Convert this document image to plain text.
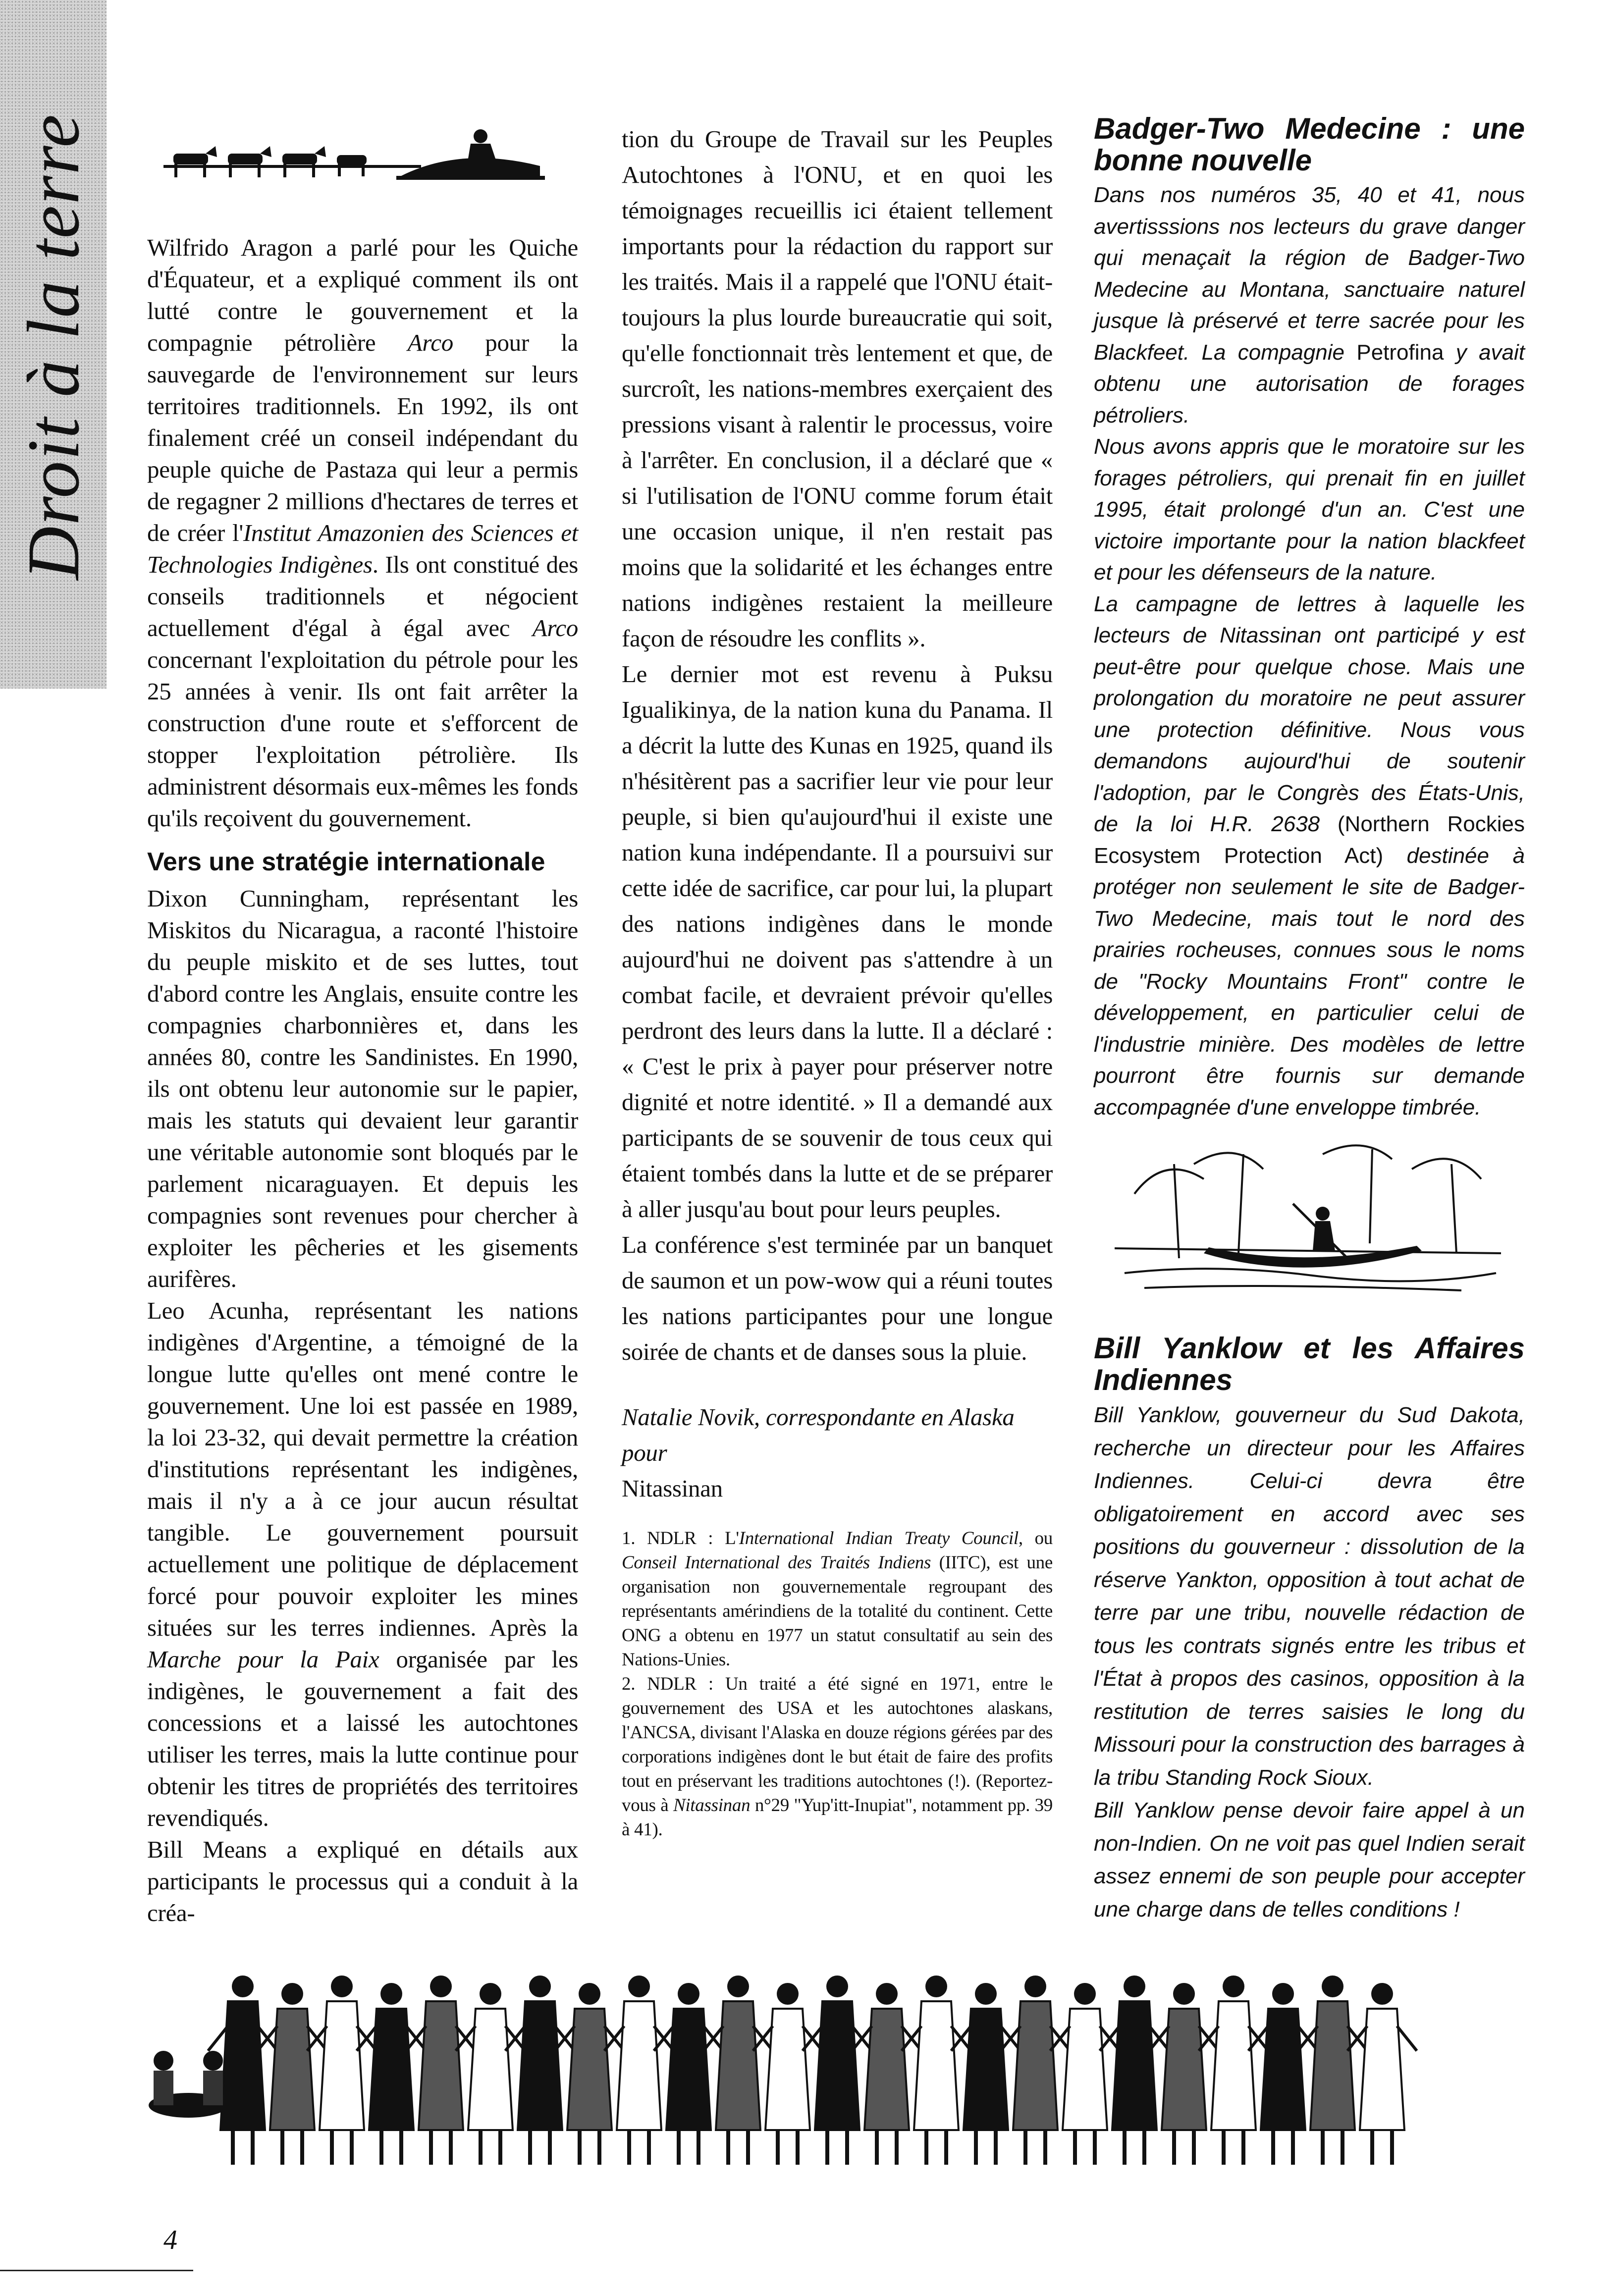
Droit à la terre Wilfrido Aragon a parlé pour les Quiche d'Équateur, et a expliqué comment ils ont lutté contre le gouvernement et la compagnie pétrolière Arco pour la sauvegarde de l'environnement sur leurs territoires traditionnels. En 1992, ils ont finalement créé un conseil indépendant du peuple quiche de Pastaza qui leur a permis de regagner 2 millions d'hectares de terres et de créer l'Institut Amazonien des Sciences et Technologies Indigènes. Ils ont constitué des conseils traditionnels et négocient actuellement d'égal à égal avec Arco concernant l'exploitation du pétrole pour les 25 années à venir. Ils ont fait arrêter la construction d'une route et s'efforcent de stopper l'exploitation pétrolière. Ils administrent désormais eux-mêmes les fonds qu'ils reçoivent du gouvernement.

Vers une stratégie internationale

Dixon Cunningham, représentant les Miskitos du Nicaragua, a raconté l'histoire du peuple miskito et de ses luttes, tout d'abord contre les Anglais, ensuite contre les compagnies charbonnières et, dans les années 80, contre les Sandinistes. En 1990, ils ont obtenu leur autonomie sur le papier, mais les statuts qui devaient leur garantir une véritable autonomie sont bloqués par le parlement nicaraguayen. Et depuis les compagnies sont revenues pour chercher à exploiter les pêcheries et les gisements aurifères.

Leo Acunha, représentant les nations indigènes d'Argentine, a témoigné de la longue lutte qu'elles ont mené contre le gouvernement. Une loi est passée en 1989, la loi 23-32, qui devait permettre la création d'institutions représentant les indigènes, mais il n'y a à ce jour aucun résultat tangible. Le gouvernement poursuit actuellement une politique de déplacement forcé pour pouvoir exploiter les mines situées sur les terres indiennes. Après la Marche pour la Paix organisée par les indigènes, le gouvernement a fait des concessions et a laissé les autochtones utiliser les terres, mais la lutte continue pour obtenir les titres de propriétés des territoires revendiqués.

Bill Means a expliqué en détails aux participants le processus qui a conduit à la créa-

tion du Groupe de Travail sur les Peuples Autochtones à l'ONU, et en quoi les témoignages recueillis ici étaient tellement importants pour la rédaction du rapport sur les traités. Mais il a rappelé que l'ONU était-toujours la plus lourde bureaucratie qui soit, qu'elle fonctionnait très lentement et que, de surcroît, les nations-membres exerçaient des pressions visant à ralentir le processus, voire à l'arrêter. En conclusion, il a déclaré que « si l'utilisation de l'ONU comme forum était une occasion unique, il n'en restait pas moins que la solidarité et les échanges entre nations indigènes restaient la meilleure façon de résoudre les conflits ».

Le dernier mot est revenu à Puksu Igualikinya, de la nation kuna du Panama. Il a décrit la lutte des Kunas en 1925, quand ils n'hésitèrent pas a sacrifier leur vie pour leur peuple, si bien qu'aujourd'hui il existe une nation kuna indépendante. Il a poursuivi sur cette idée de sacrifice, car pour lui, la plupart des nations indigènes dans le monde aujourd'hui ne doivent pas s'attendre à un combat facile, et devraient prévoir qu'elles perdront des leurs dans la lutte. Il a déclaré : « C'est le prix à payer pour préserver notre dignité et notre identité. » Il a demandé aux participants de se souvenir de tous ceux qui étaient tombés dans la lutte et de se préparer à aller jusqu'au bout pour leurs peuples.

La conférence s'est terminée par un banquet de saumon et un pow-wow qui a réuni toutes les nations participantes pour une longue soirée de chants et de danses sous la pluie.

Natalie Novik, correspondante en Alaska pour
Nitassinan

1. NDLR : L'International Indian Treaty Council, ou Conseil International des Traités Indiens (IITC), est une organisation non gouvernementale regroupant des représentants amérindiens de la totalité du continent. Cette ONG a obtenu en 1977 un statut consultatif au sein des Nations-Unies.

2. NDLR : Un traité a été signé en 1971, entre le gouvernement des USA et les autochtones alaskans, l'ANCSA, divisant l'Alaska en douze régions gérées par des corporations indigènes dont le but était de faire des profits tout en préservant les traditions autochtones (!). (Reportez-vous à Nitassinan n°29 "Yup'itt-Inupiat", notamment pp. 39 à 41).

Badger-Two Medecine : une bonne nouvelle

Dans nos numéros 35, 40 et 41, nous avertisssions nos lecteurs du grave danger qui menaçait la région de Badger-Two Medecine au Montana, sanctuaire naturel jusque là préservé et terre sacrée pour les Blackfeet. La compagnie Petrofina y avait obtenu une autorisation de forages pétroliers.

Nous avons appris que le moratoire sur les forages pétroliers, qui prenait fin en juillet 1995, était prolongé d'un an. C'est une victoire importante pour la nation blackfeet et pour les défenseurs de la nature.

La campagne de lettres à laquelle les lecteurs de Nitassinan ont participé y est peut-être pour quelque chose. Mais une prolongation du moratoire ne peut assurer une protection définitive. Nous vous demandons aujourd'hui de soutenir l'adoption, par le Congrès des États-Unis, de la loi H.R. 2638 (Northern Rockies Ecosystem Protection Act) destinée à protéger non seulement le site de Badger-Two Medecine, mais tout le nord des prairies rocheuses, connues sous le noms de "Rocky Mountains Front" contre le développement, en particulier celui de l'industrie minière. Des modèles de lettre pourront être fournis sur demande accompagnée d'une enveloppe timbrée.

Bill Yanklow et les Affaires Indiennes

Bill Yanklow, gouverneur du Sud Dakota, recherche un directeur pour les Affaires Indiennes. Celui-ci devra être obligatoirement en accord avec ses positions du gouverneur : dissolution de la réserve Yankton, opposition à tout achat de terre par une tribu, nouvelle rédaction de tous les contrats signés entre les tribus et l'État à propos des casinos, opposition à la restitution de terres saisies le long du Missouri pour la construction des barrages à la tribu Standing Rock Sioux.

Bill Yanklow pense devoir faire appel à un non-Indien. On ne voit pas quel Indien serait assez ennemi de son peuple pour accepter une charge dans de telles conditions !

4
